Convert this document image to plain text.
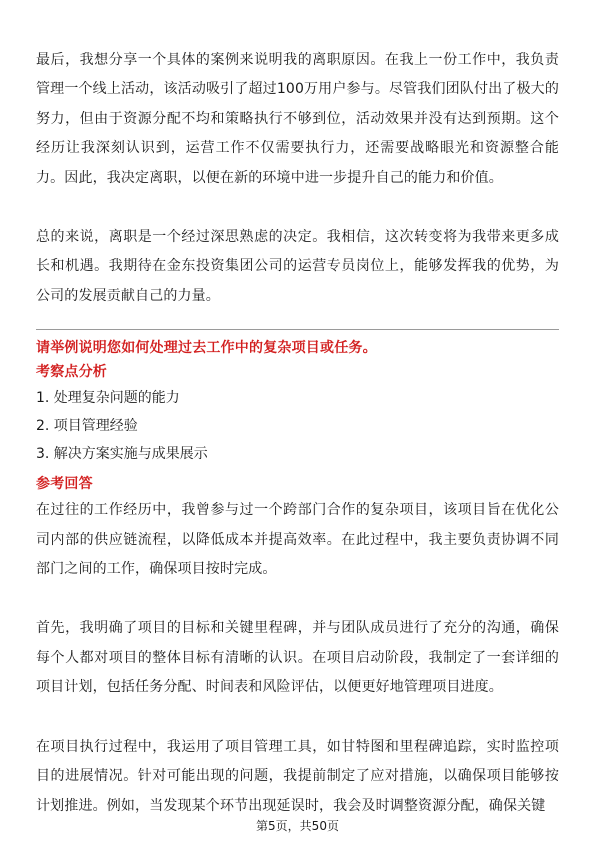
最后，我想分享一个具体的案例来说明我的离职原因。在我上一份工作中，我负责管理一个线上活动，该活动吸引了超过100万用户参与。尽管我们团队付出了极大的努力，但由于资源分配不均和策略执行不够到位，活动效果并没有达到预期。这个经历让我深刻认识到，运营工作不仅需要执行力，还需要战略眼光和资源整合能力。因此，我决定离职，以便在新的环境中进一步提升自己的能力和价值。

总的来说，离职是一个经过深思熟虑的决定。我相信，这次转变将为我带来更多成长和机遇。我期待在金东投资集团公司的运营专员岗位上，能够发挥我的优势，为公司的发展贡献自己的力量。

请举例说明您如何处理过去工作中的复杂项目或任务。

考察点分析

1. 处理复杂问题的能力
2. 项目管理经验
3. 解决方案实施与成果展示

参考回答

在过往的工作经历中，我曾参与过一个跨部门合作的复杂项目，该项目旨在优化公司内部的供应链流程，以降低成本并提高效率。在此过程中，我主要负责协调不同部门之间的工作，确保项目按时完成。

首先，我明确了项目的目标和关键里程碑，并与团队成员进行了充分的沟通，确保每个人都对项目的整体目标有清晰的认识。在项目启动阶段，我制定了一套详细的项目计划，包括任务分配、时间表和风险评估，以便更好地管理项目进度。

在项目执行过程中，我运用了项目管理工具，如甘特图和里程碑追踪，实时监控项目的进展情况。针对可能出现的问题，我提前制定了应对措施，以确保项目能够按计划推进。例如，当发现某个环节出现延误时，我会及时调整资源分配，确保关键

第5页，共50页
